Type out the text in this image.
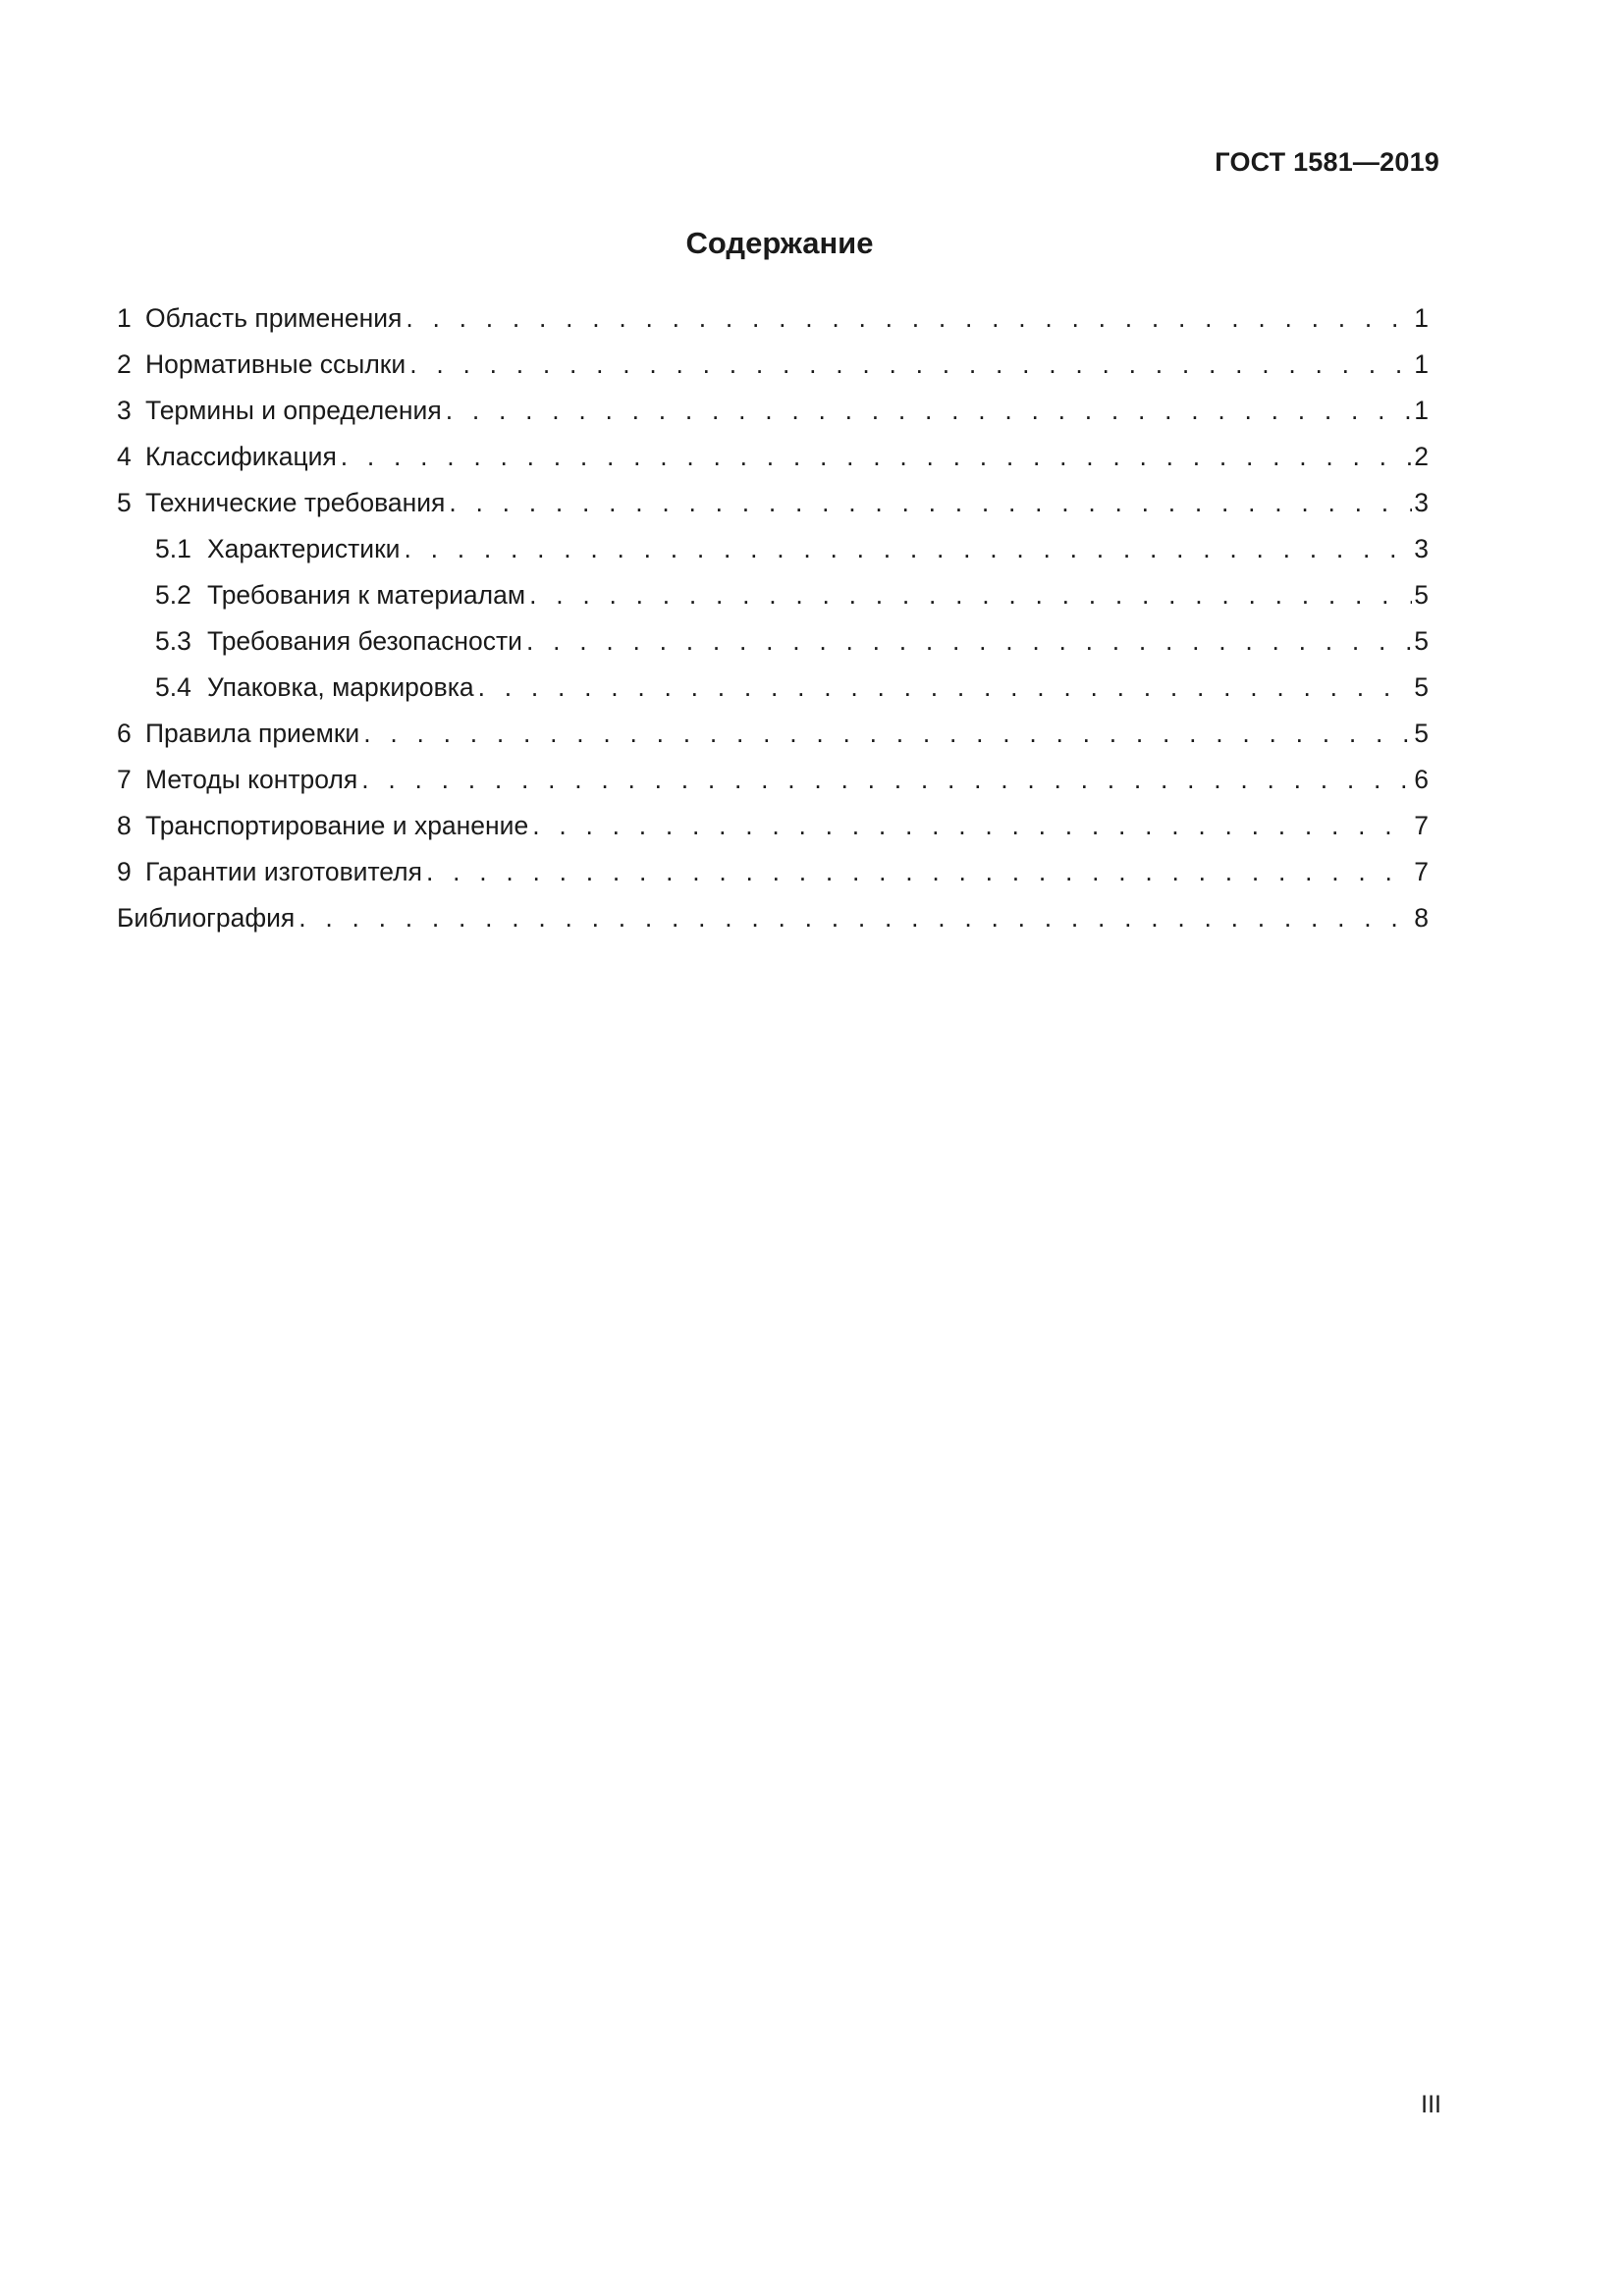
ГОСТ 1581—2019
Содержание
1 Область применения . . .	1
2 Нормативные ссылки . . .	1
3 Термины и определения . . .	1
4 Классификация . . .	2
5 Технические требования . . .	3
5.1 Характеристики . . .	3
5.2 Требования к материалам . . .	5
5.3 Требования безопасности . . .	5
5.4 Упаковка, маркировка . . .	5
6 Правила приемки . . .	5
7 Методы контроля . . .	6
8 Транспортирование и хранение . . .	7
9 Гарантии изготовителя . . .	7
Библиография . . .	8
III
